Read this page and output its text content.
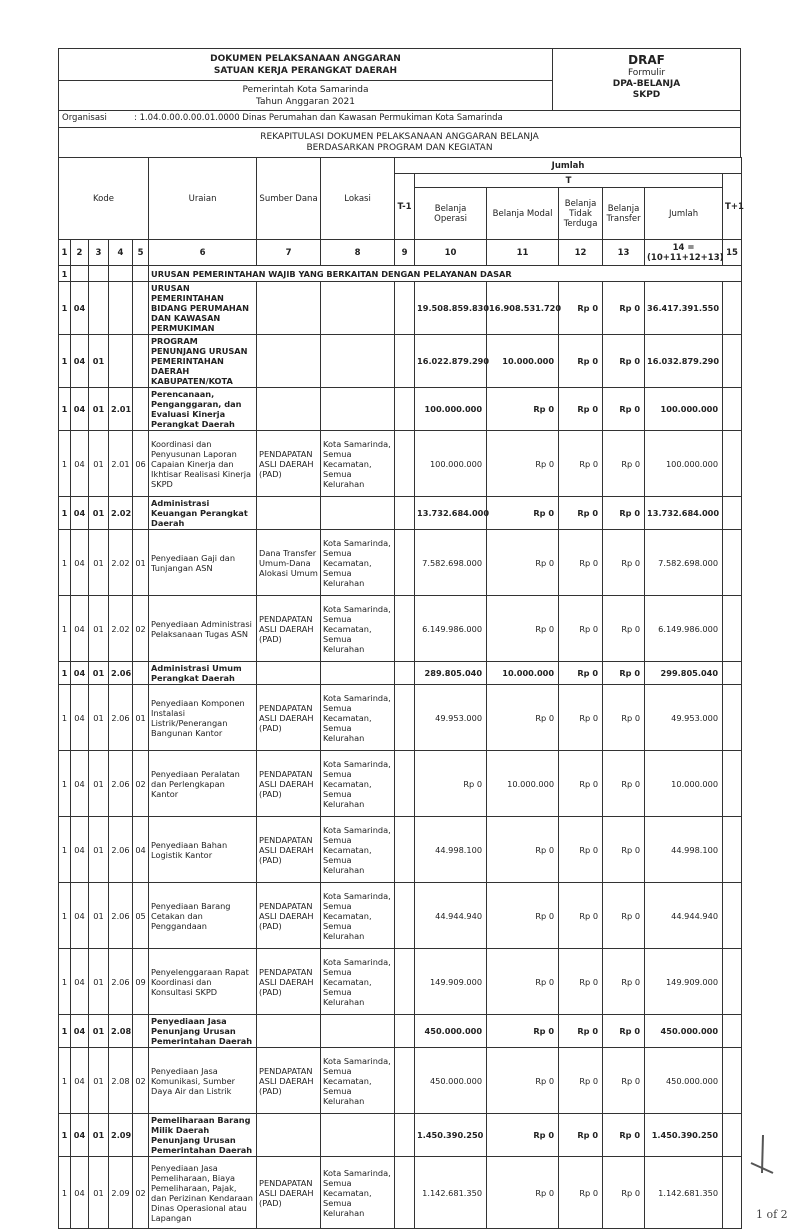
DOKUMEN PELAKSANAAN ANGGARAN
SATUAN KERJA PERANGKAT DAERAH
Pemerintah Kota Samarinda
Tahun Anggaran 2021
DRAF
Formulir
DPA-BELANJA
SKPD
Organisasi	: 1.04.0.00.0.00.01.0000 Dinas Perumahan dan Kawasan Permukiman Kota Samarinda
REKAPITULASI DOKUMEN PELAKSANAAN ANGGARAN BELANJA
BERDASARKAN PROGRAM DAN KEGIATAN
Kode					Uraian	Sumber Dana	Lokasi	Jumlah						
								T-1	T					T+1
									Belanja Operasi	Belanja Modal	Belanja Tidak Terduga	Belanja Transfer	Jumlah	
1	2	3	4	5	6	7	8	9	10	11	12	13	14 = (10+11+12+13)	15
1					URUSAN PEMERINTAHAN WAJIB YANG BERKAITAN DENGAN PELAYANAN DASAR									
1	04				URUSAN PEMERINTAHAN BIDANG PERUMAHAN DAN KAWASAN PERMUKIMAN				19.508.859.830	16.908.531.720	Rp 0	Rp 0	36.417.391.550	
1	04	01			PROGRAM PENUNJANG URUSAN PEMERINTAHAN DAERAH KABUPATEN/KOTA				16.022.879.290	10.000.000	Rp 0	Rp 0	16.032.879.290	
1	04	01	2.01		Perencanaan, Penganggaran, dan Evaluasi Kinerja Perangkat Daerah				100.000.000	Rp 0	Rp 0	Rp 0	100.000.000	
1	04	01	2.01	06	Koordinasi dan Penyusunan Laporan Capaian Kinerja dan Ikhtisar Realisasi Kinerja SKPD	PENDAPATAN ASLI DAERAH (PAD)	Kota Samarinda, Semua Kecamatan, Semua Kelurahan		100.000.000	Rp 0	Rp 0	Rp 0	100.000.000	
1	04	01	2.02		Administrasi Keuangan Perangkat Daerah				13.732.684.000	Rp 0	Rp 0	Rp 0	13.732.684.000	
1	04	01	2.02	01	Penyediaan Gaji dan Tunjangan ASN	Dana Transfer Umum-Dana Alokasi Umum	Kota Samarinda, Semua Kecamatan, Semua Kelurahan		7.582.698.000	Rp 0	Rp 0	Rp 0	7.582.698.000	
1	04	01	2.02	02	Penyediaan Administrasi Pelaksanaan Tugas ASN	PENDAPATAN ASLI DAERAH (PAD)	Kota Samarinda, Semua Kecamatan, Semua Kelurahan		6.149.986.000	Rp 0	Rp 0	Rp 0	6.149.986.000	
1	04	01	2.06		Administrasi Umum Perangkat Daerah				289.805.040	10.000.000	Rp 0	Rp 0	299.805.040	
1	04	01	2.06	01	Penyediaan Komponen Instalasi Listrik/Penerangan Bangunan Kantor	PENDAPATAN ASLI DAERAH (PAD)	Kota Samarinda, Semua Kecamatan, Semua Kelurahan		49.953.000	Rp 0	Rp 0	Rp 0	49.953.000	
1	04	01	2.06	02	Penyediaan Peralatan dan Perlengkapan Kantor	PENDAPATAN ASLI DAERAH (PAD)	Kota Samarinda, Semua Kecamatan, Semua Kelurahan		Rp 0	10.000.000	Rp 0	Rp 0	10.000.000	
1	04	01	2.06	04	Penyediaan Bahan Logistik Kantor	PENDAPATAN ASLI DAERAH (PAD)	Kota Samarinda, Semua Kecamatan, Semua Kelurahan		44.998.100	Rp 0	Rp 0	Rp 0	44.998.100	
1	04	01	2.06	05	Penyediaan Barang Cetakan dan Penggandaan	PENDAPATAN ASLI DAERAH (PAD)	Kota Samarinda, Semua Kecamatan, Semua Kelurahan		44.944.940	Rp 0	Rp 0	Rp 0	44.944.940	
1	04	01	2.06	09	Penyelenggaraan Rapat Koordinasi dan Konsultasi SKPD	PENDAPATAN ASLI DAERAH (PAD)	Kota Samarinda, Semua Kecamatan, Semua Kelurahan		149.909.000	Rp 0	Rp 0	Rp 0	149.909.000	
1	04	01	2.08		Penyediaan Jasa Penunjang Urusan Pemerintahan Daerah				450.000.000	Rp 0	Rp 0	Rp 0	450.000.000	
1	04	01	2.08	02	Penyediaan Jasa Komunikasi, Sumber Daya Air dan Listrik	PENDAPATAN ASLI DAERAH (PAD)	Kota Samarinda, Semua Kecamatan, Semua Kelurahan		450.000.000	Rp 0	Rp 0	Rp 0	450.000.000	
1	04	01	2.09		Pemeliharaan Barang Milik Daerah Penunjang Urusan Pemerintahan Daerah				1.450.390.250	Rp 0	Rp 0	Rp 0	1.450.390.250	
1	04	01	2.09	02	Penyediaan Jasa Pemeliharaan, Biaya Pemeliharaan, Pajak, dan Perizinan Kendaraan Dinas Operasional atau Lapangan	PENDAPATAN ASLI DAERAH (PAD)	Kota Samarinda, Semua Kecamatan, Semua Kelurahan		1.142.681.350	Rp 0	Rp 0	Rp 0	1.142.681.350	
1 of 2
